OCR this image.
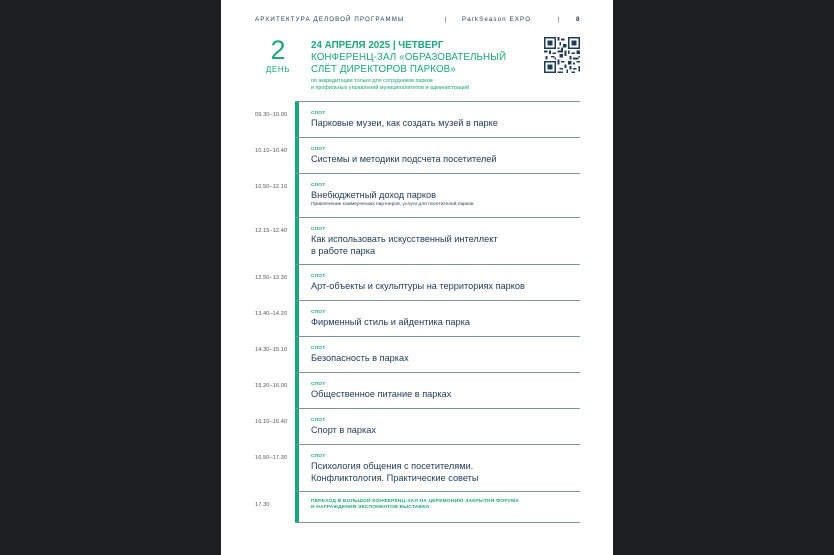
АРХИТЕКТУРА ДЕЛОВОЙ ПРОГРАММЫ	| ParkSeason EXPO	| 8
2
ДЕНЬ
24 АПРЕЛЯ 2025 | ЧЕТВЕРГ
КОНФЕРЕНЦ-ЗАЛ «ОБРАЗОВАТЕЛЬНЫЙ
СЛЁТ ДИРЕКТОРОВ ПАРКОВ»
по аккредитации только для сотрудников парков
и профильных управлений муниципалитетов и администраций
09.30–10.00	СЛОТ
Парковые музеи, как создать музей в парке
10.10–10.40	СЛОТ
Системы и методики подсчета посетителей
10.50–12.10	СЛОТ
Внебюджетный доход парков
Привлечение коммерческих партнеров, услуги для посетителей парков
12.15–12.40	СЛОТ
Как использовать искусственный интеллект
в работе парка
12.50–13.30	СЛОТ
Арт-объекты и скульптуры на территориях парков
13.40–14.20	СЛОТ
Фирменный стиль и айдентика парка
14.30–15.10	СЛОТ
Безопасность в парках
15.20–16.00	СЛОТ
Общественное питание в парках
16.10–16.40	СЛОТ
Спорт в парках
16.50–17.30	СЛОТ
Психология общения с посетителями.
Конфликтология. Практические советы
17.30
ПЕРЕХОД В БОЛЬШОЙ КОНФЕРЕНЦ-ЗАЛ НА ЦЕРЕМОНИЮ ЗАКРЫТИЯ ФОРУМА
И НАГРАЖДЕНИЯ ЭКСПОНЕНТОВ ВЫСТАВКИ
